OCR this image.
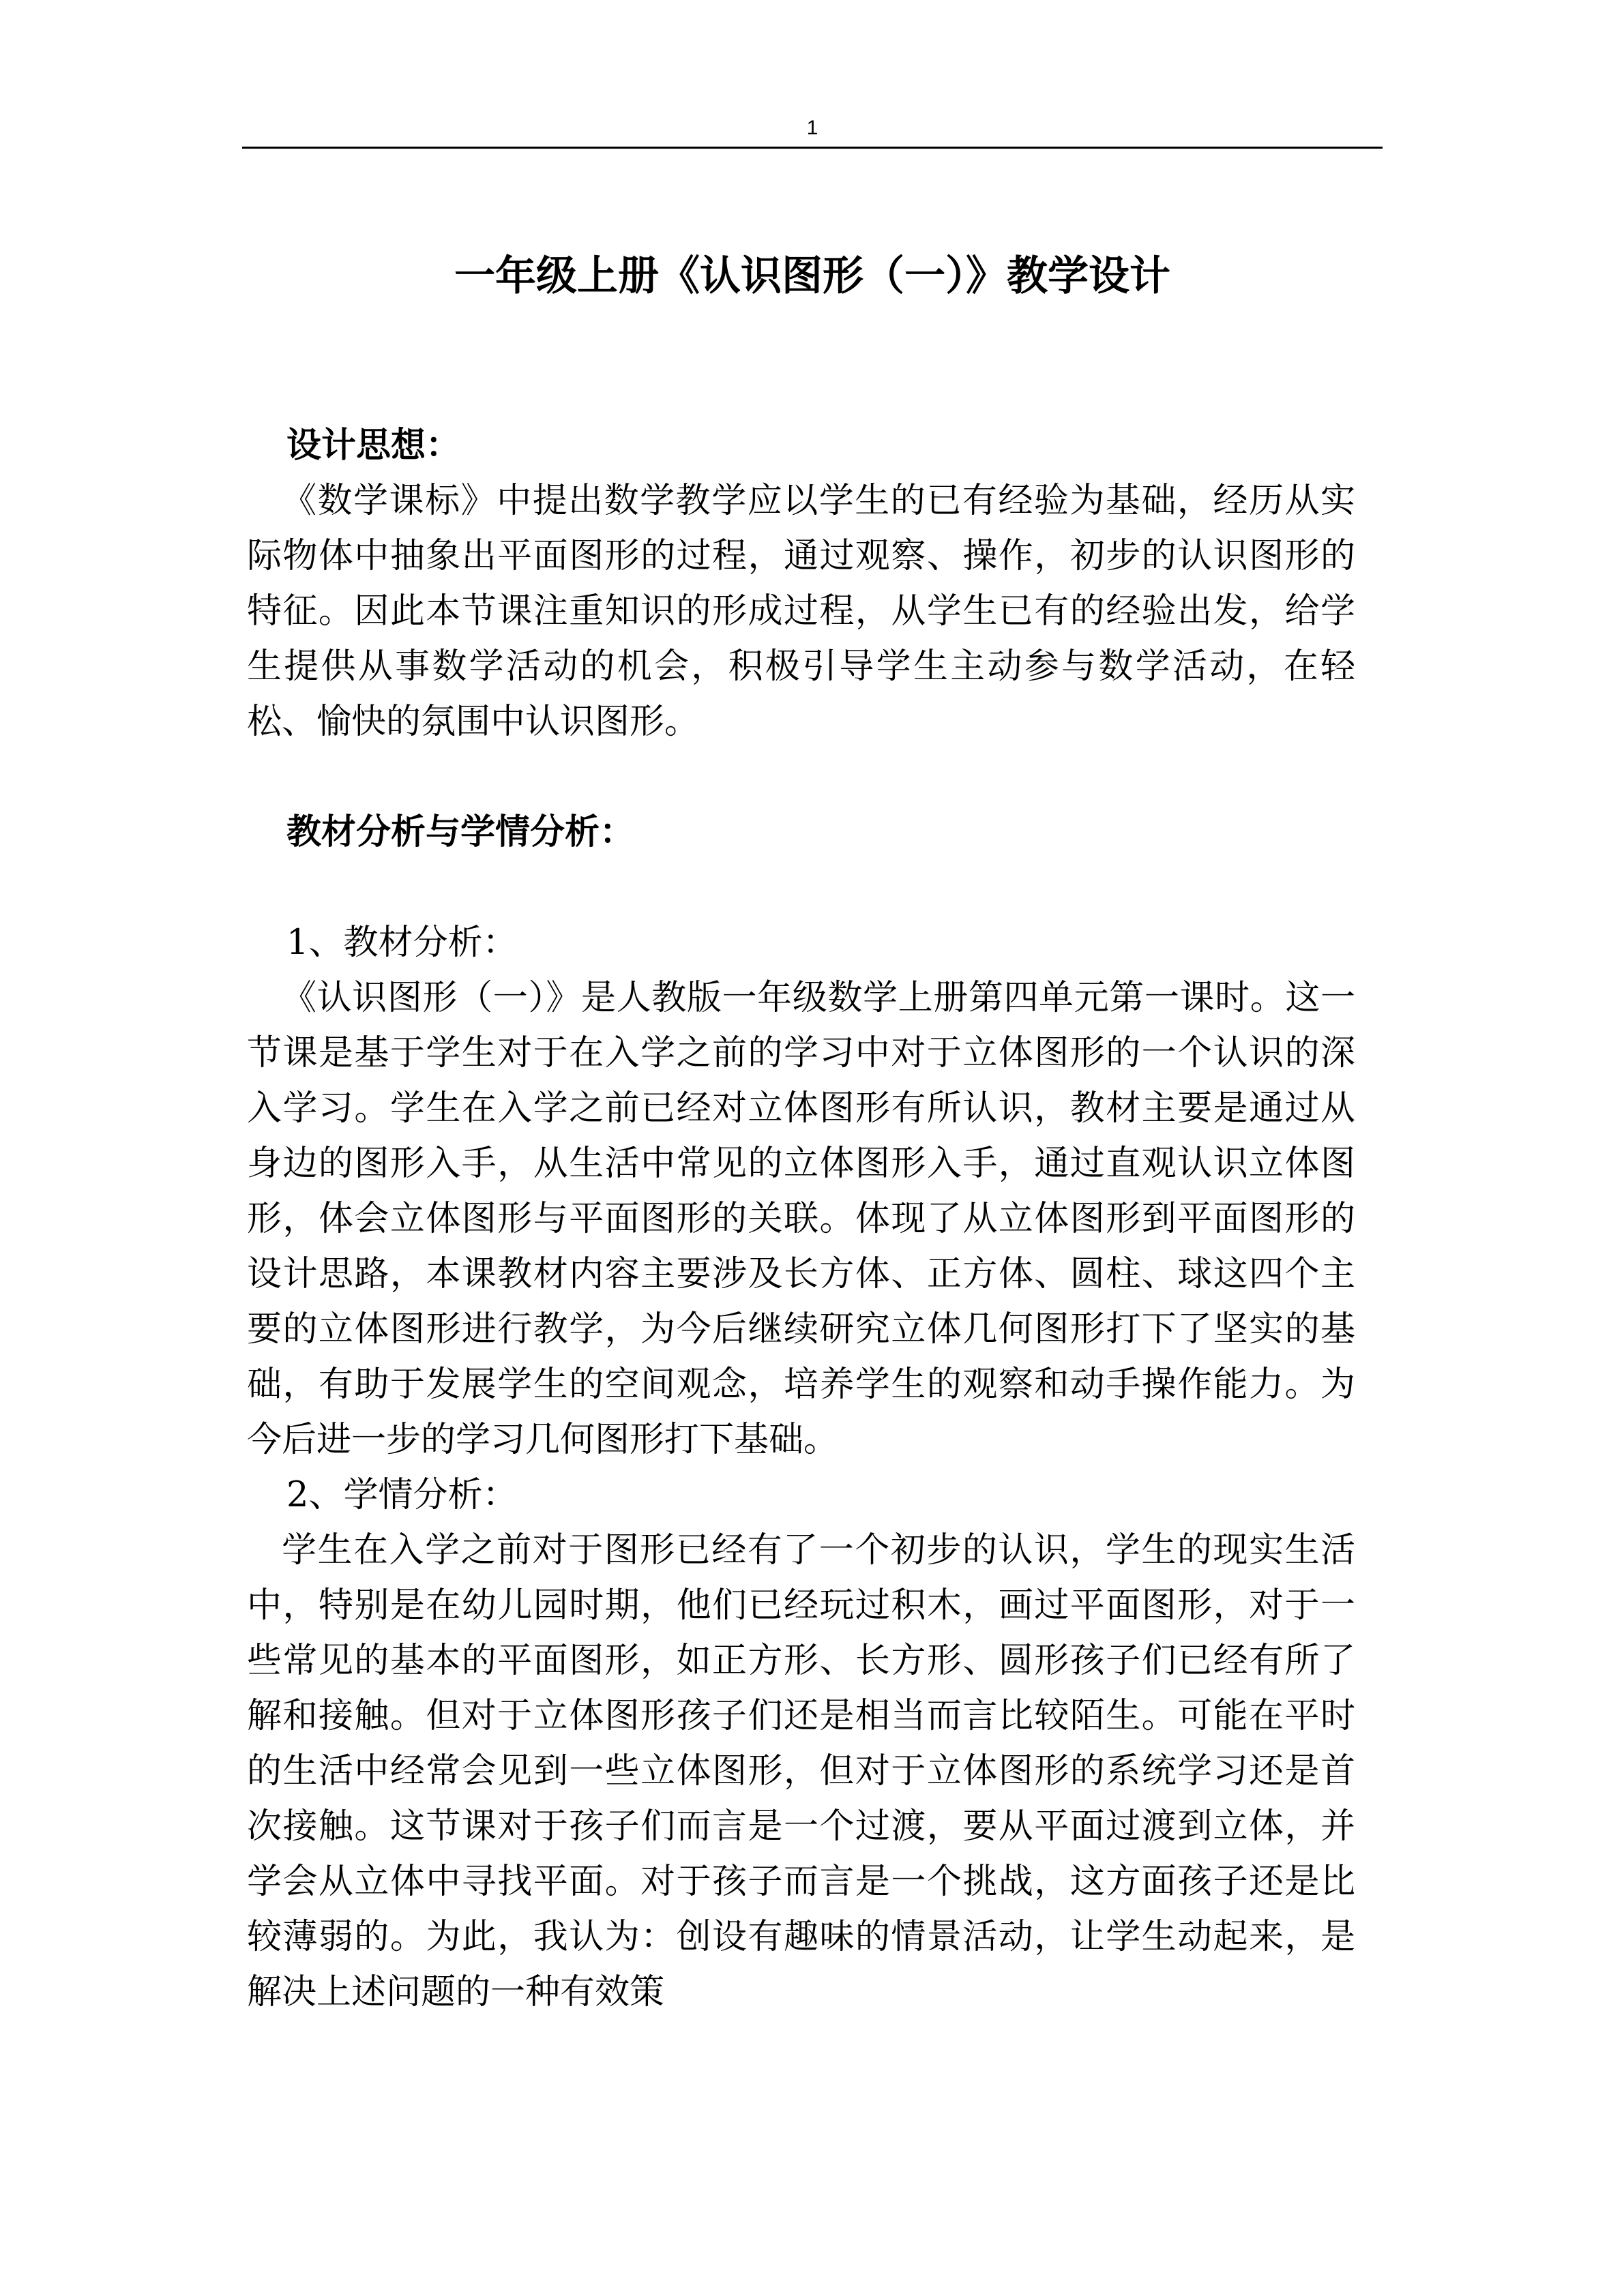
1
一年级上册《认识图形（一）》教学设计
设计思想：

《数学课标》中提出数学教学应以学生的已有经验为基础，经历从实际物体中抽象出平面图形的过程，通过观察、操作，初步的认识图形的特征。因此本节课注重知识的形成过程，从学生已有的经验出发，给学生提供从事数学活动的机会，积极引导学生主动参与数学活动，在轻松、愉快的氛围中认识图形。

教材分析与学情分析：
1、教材分析：

《认识图形（一）》是人教版一年级数学上册第四单元第一课时。这一节课是基于学生对于在入学之前的学习中对于立体图形的一个认识的深入学习。学生在入学之前已经对立体图形有所认识，教材主要是通过从身边的图形入手，从生活中常见的立体图形入手，通过直观认识立体图形，体会立体图形与平面图形的关联。体现了从立体图形到平面图形的设计思路，本课教材内容主要涉及长方体、正方体、圆柱、球这四个主要的立体图形进行教学，为今后继续研究立体几何图形打下了坚实的基础，有助于发展学生的空间观念，培养学生的观察和动手操作能力。为今后进一步的学习几何图形打下基础。

2、学情分析：

学生在入学之前对于图形已经有了一个初步的认识，学生的现实生活中，特别是在幼儿园时期，他们已经玩过积木，画过平面图形，对于一些常见的基本的平面图形，如正方形、长方形、圆形孩子们已经有所了解和接触。但对于立体图形孩子们还是相当而言比较陌生。可能在平时的生活中经常会见到一些立体图形，但对于立体图形的系统学习还是首次接触。这节课对于孩子们而言是一个过渡，要从平面过渡到立体，并学会从立体中寻找平面。对于孩子而言是一个挑战，这方面孩子还是比较薄弱的。为此，我认为：创设有趣味的情景活动，让学生动起来，是解决上述问题的一种有效策
